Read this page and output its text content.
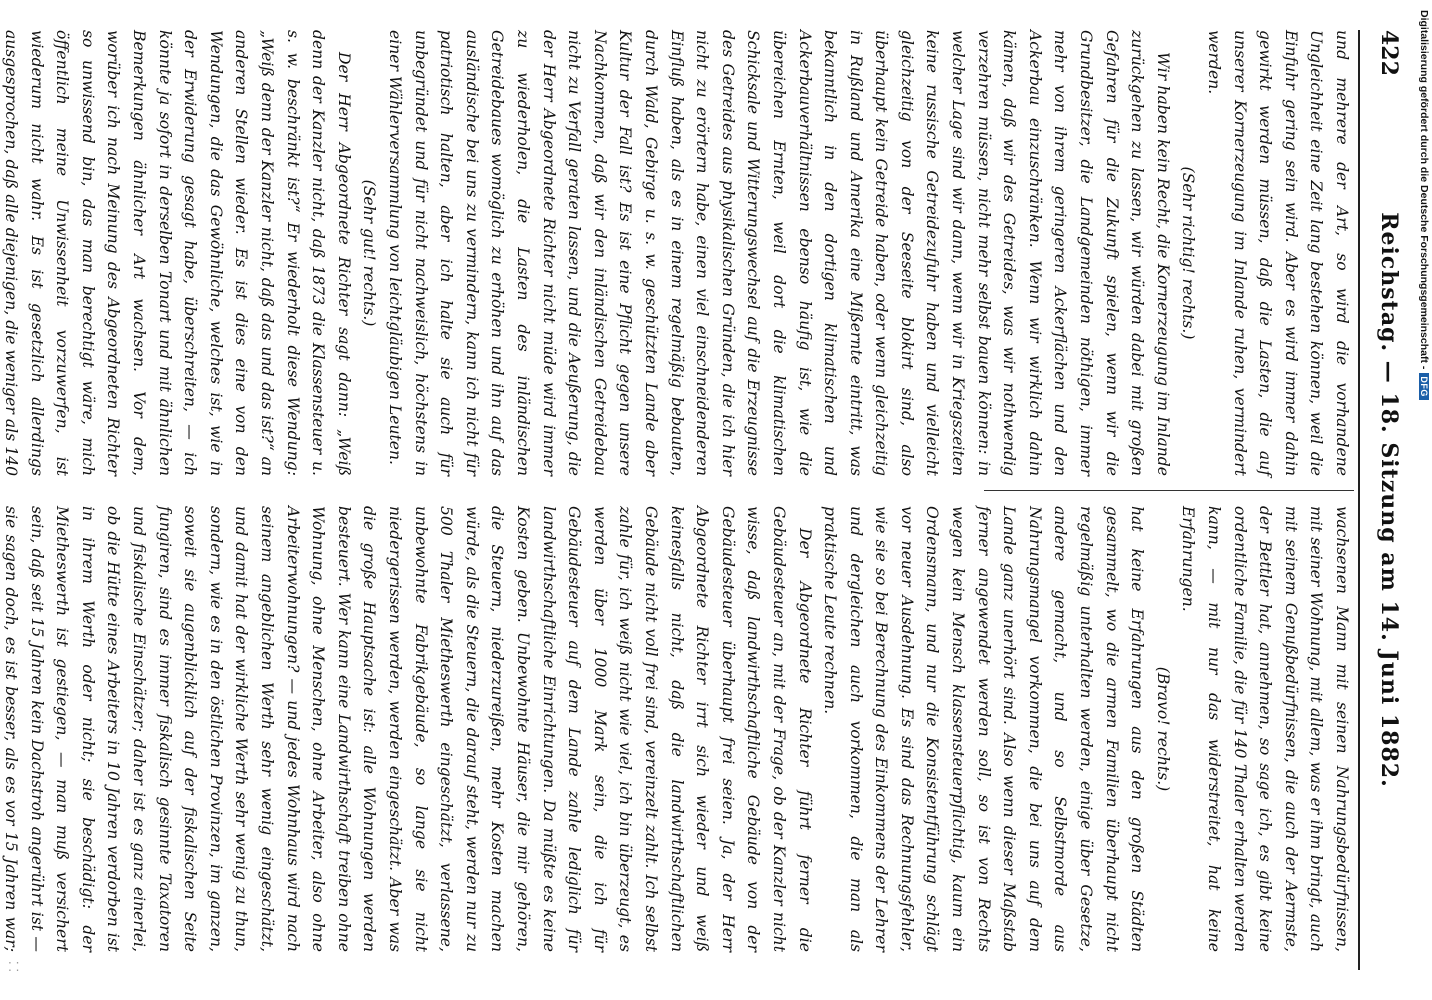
422
Reichstag. — 18. Sitzung am 14. Juni 1882.

und mehrere der Art, so wird die vorhandene Ungleichheit eine Zeit lang bestehen können, weil die Einfuhr gering sein wird. Aber es wird immer dahin gewirkt werden müssen, daß die Lasten, die auf unserer Kornerzeugung im Inlande ruhen, vermindert werden.

(Sehr richtig! rechts.)

Wir haben kein Recht, die Kornerzeugung im Inlande zurückgehen zu lassen, wir würden dabei mit großen Gefahren für die Zukunft spielen, wenn wir die Grundbesitzer, die Landgemeinden nöthigen, immer mehr von ihrem geringeren Ackerflächen und den Ackerbau einzuschränken. Wenn wir wirklich dahin kämen, daß wir des Getreides, was wir nothwendig verzehren müssen, nicht mehr selbst bauen können: in welcher Lage sind wir dann, wenn wir in Kriegszeiten keine russische Getreidezufuhr haben und vielleicht gleichzeitig von der Seeseite blokirt sind, also überhaupt kein Getreide haben, oder wenn gleichzeitig in Rußland und Amerika eine Mißernte eintritt, was bekanntlich in den dortigen klimatischen und Ackerbauverhältnissen ebenso häufig ist, wie die übereichen Ernten, weil dort die klimatischen Schicksale und Witterungswechsel auf die Erzeugnisse des Getreides aus physikalischen Gründen, die ich hier nicht zu erörtern habe, einen viel einschneidenderen Einfluß haben, als es in einem regelmäßig bebauten, durch Wald, Gebirge u. s. w. geschützten Lande aber Kultur der Fall ist? Es ist eine Pflicht gegen unsere Nachkommen, daß wir den inländischen Getreidebau nicht zu Verfall geraten lassen, und die Aeußerung, die der Herr Abgeordnete Richter nicht müde wird immer zu wiederholen, die Lasten des inländischen Getreidebaues womöglich zu erhöhen und ihn auf das ausländische bei uns zu vermindern, kann ich nicht für patriotisch halten, aber ich halte sie auch für unbegründet und für nicht nachweislich, höchstens in einer Wählerversammlung von leichtgläubigen Leuten.

(Sehr gut! rechts.)

Der Herr Abgeordnete Richter sagt dann: „Weiß denn der Kanzler nicht, daß 1873 die Klassensteuer u. s. w. beschränkt ist?“ Er wiederholt diese Wendung: „Weiß denn der Kanzler nicht, daß das und das ist?“ an anderen Stellen wieder. Es ist dies eine von den Wendungen, die das Gewöhnliche, welches ist, wie in der Erwiderung gesagt habe, überschreiten, — ich könnte ja sofort in derselben Tonart und mit ähnlichen Bemerkungen ähnlicher Art wachsen. Vor dem, worüber ich nach Meinung des Abgeordneten Richter so unwissend bin, das man berechtigt wäre, mich öffentlich meine Unwissenheit vorzuwerfen, ist wiederum nicht wahr. Es ist gesetzlich allerdings ausgesprochen, daß alle diejenigen, die weniger als 140

wachsenen Mann mit seinen Nahrungsbedürfnissen, mit seiner Wohnung, mit allem, was er ihm bringt, auch mit seinem Genußbedürfnissen, die auch der Aermste, der Bettler hat, annehmen, so sage ich, es gibt keine ordentliche Familie, die für 140 Thaler erhalten werden kann, — mit nur das widerstreitet, hat keine Erfahrungen.

(Bravo! rechts.)

hat keine Erfahrungen aus den großen Städten gesammelt, wo die armen Familien überhaupt nicht regelmäßig unterhalten werden, einige über Gesetze, andere gemacht, und so Selbstmorde aus Nahrungsmangel vorkommen, die bei uns auf dem Lande ganz unerhört sind. Also wenn dieser Maßstab ferner angewendet werden soll, so ist von Rechts wegen kein Mensch klassensteuerpflichtig, kaum ein Ordensmann, und nur die Konsistentführung schlägt vor neuer Ausdehnung. Es sind das Rechnungsfehler, wie sie so bei Berechnung des Einkommens der Lehrer und dergleichen auch vorkommen, die man als praktische Leute rechnen.

Der Abgeordnete Richter führt ferner die Gebäudesteuer an, mit der Frage, ob der Kanzler nicht wisse, daß landwirthschaftliche Gebäude von der Gebäudesteuer überhaupt frei seien. Ja, der Herr Abgeordnete Richter irrt sich wieder und weiß keinesfalls nicht, daß die landwirthschaftlichen Gebäude nicht voll frei sind, vereinzelt zahlt. Ich selbst zahle für, ich weiß nicht wie viel, ich bin überzeugt, es werden über 1000 Mark sein, die ich für Gebäudesteuer auf dem Lande zahle lediglich für landwirthschaftliche Einrichtungen. Da müßte es keine Kosten geben. Unbewohnte Häuser, die mir gehören, die Steuern, niederzureißen, mehr Kosten machen würde, als die Steuern, die darauf steht, werden nur zu 500 Thaler Mietheswerth eingeschätzt, verlassene, unbewohnte Fabrikgebäude, so lange sie nicht niedergerissen werden, werden eingeschätzt. Aber was die große Hauptsache ist: alle Wohnungen werden besteuert. Wer kann eine Landwirthschaft treiben ohne Wohnung, ohne Menschen, ohne Arbeiter, also ohne Arbeiterwohnungen? — und jedes Wohnhaus wird nach seinem angeblichen Werth sehr wenig eingeschätzt, und damit hat der wirkliche Werth sehr wenig zu thun, sondern, wie es in den östlichen Provinzen, im ganzen, soweit sie augenblicklich auf der fiskalischen Seite fungiren, sind es immer fiskalisch gesinnte Taxatoren und fiskalische Einschätzer; daher ist es ganz einerlei, ob die Hütte eines Arbeiters in 10 Jahren verdorben ist in ihrem Werth oder nicht; sie beschädigt: der Mietheswerth ist gestiegen, — man muß versichert sein, daß seit 15 Jahren kein Dachstroh angerührt ist — sie sagen doch, es ist besser, als es vor 15 Jahren war;

Digitalisierung gefördert durch die Deutsche Forschungsgemeinschaft -DFG
⁚ ⁚
